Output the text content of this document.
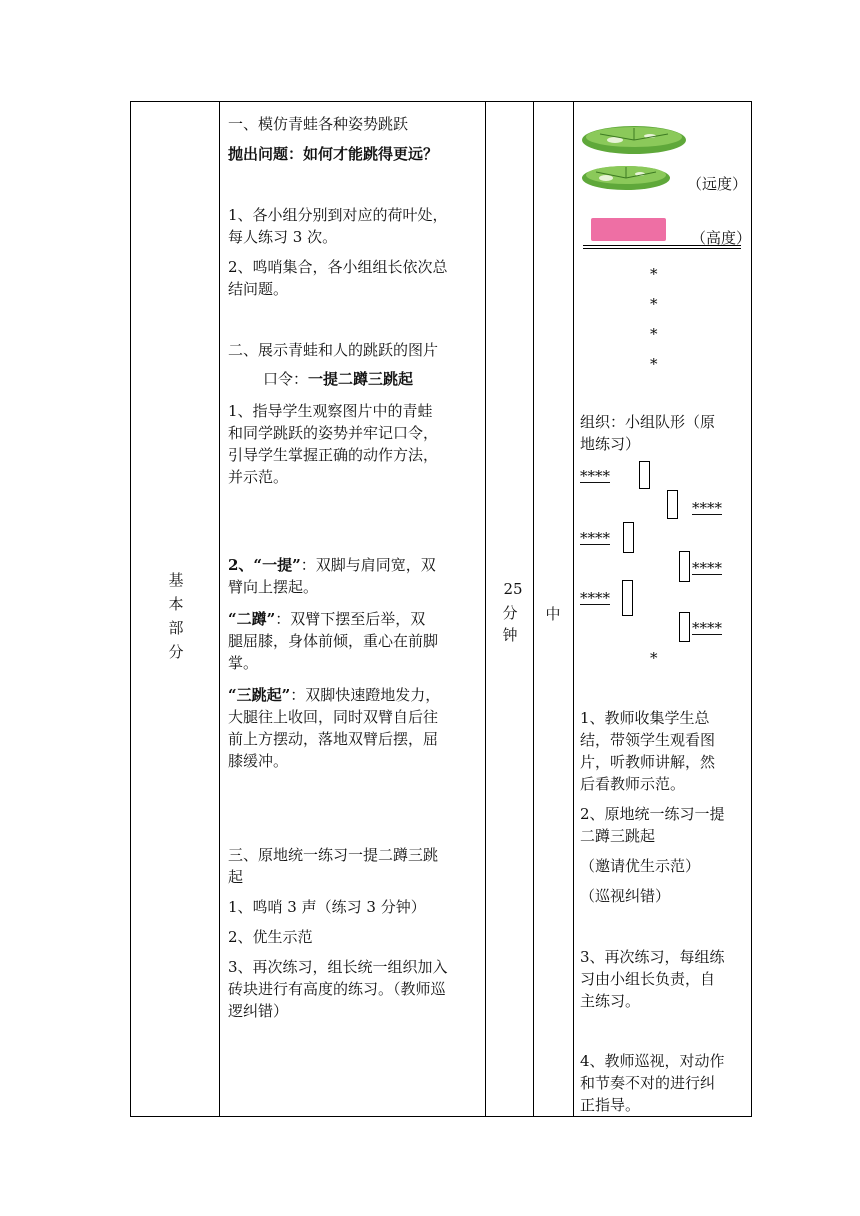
基
本
部
分
一、模仿青蛙各种姿势跳跃
抛出问题：如何才能跳得更远？
1、各小组分别到对应的荷叶处，
每人练习 3 次。
2、鸣哨集合，各小组组长依次总
结问题。
二、展示青蛙和人的跳跃的图片
口令：一提二蹲三跳起
1、指导学生观察图片中的青蛙
和同学跳跃的姿势并牢记口令，
引导学生掌握正确的动作方法，
并示范。
2、“一提”：双脚与肩同宽，双
臂向上摆起。
“二蹲”：双臂下摆至后举，双
腿屈膝，身体前倾，重心在前脚
掌。
“三跳起”：双脚快速蹬地发力，
大腿往上收回，同时双臂自后往
前上方摆动，落地双臂后摆，屈
膝缓冲。
三、原地统一练习一提二蹲三跳
起
1、鸣哨 3 声（练习 3 分钟）
2、优生示范
3、再次练习，组长统一组织加入
砖块进行有高度的练习。（教师巡
逻纠错）
25
分
钟
中
（远度）
（高度）
*
*
*
*
组织：小组队形（原
地练习）
****
****
****
****
****
****
*
1、教师收集学生总
结，带领学生观看图
片，听教师讲解，然
后看教师示范。
2、原地统一练习一提
二蹲三跳起
（邀请优生示范）
（巡视纠错）
3、再次练习，每组练
习由小组长负责，自
主练习。
4、教师巡视，对动作
和节奏不对的进行纠
正指导。
